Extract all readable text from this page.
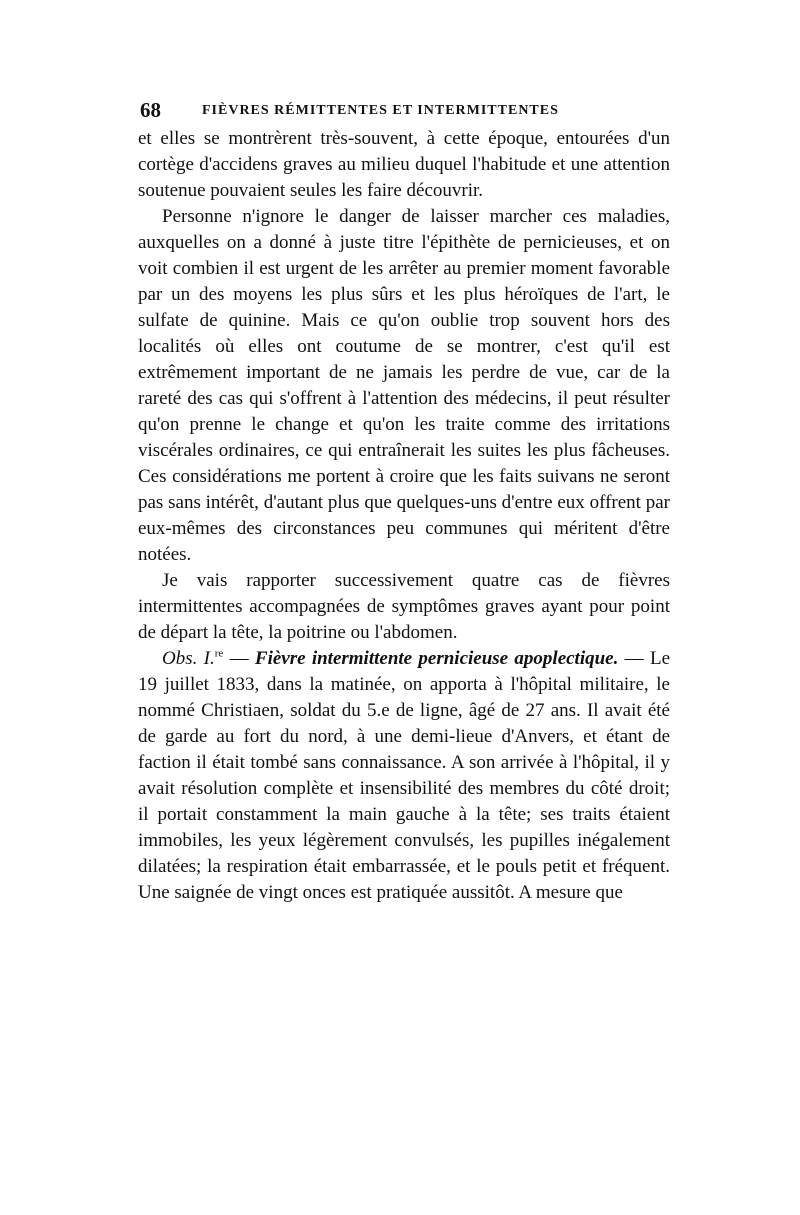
68	FIÈVRES RÉMITTENTES ET INTERMITTENTES

et elles se montrèrent très-souvent, à cette époque, entourées d'un cortège d'accidens graves au milieu duquel l'habitude et une attention soutenue pouvaient seules les faire découvrir.

Personne n'ignore le danger de laisser marcher ces maladies, auxquelles on a donné à juste titre l'épithète de pernicieuses, et on voit combien il est urgent de les arrêter au premier moment favorable par un des moyens les plus sûrs et les plus héroïques de l'art, le sulfate de quinine. Mais ce qu'on oublie trop souvent hors des localités où elles ont coutume de se montrer, c'est qu'il est extrêmement important de ne jamais les perdre de vue, car de la rareté des cas qui s'offrent à l'attention des médecins, il peut résulter qu'on prenne le change et qu'on les traite comme des irritations viscérales ordinaires, ce qui entraînerait les suites les plus fâcheuses. Ces considérations me portent à croire que les faits suivans ne seront pas sans intérêt, d'autant plus que quelques-uns d'entre eux offrent par eux-mêmes des circonstances peu communes qui méritent d'être notées.

Je vais rapporter successivement quatre cas de fièvres intermittentes accompagnées de symptômes graves ayant pour point de départ la tête, la poitrine ou l'abdomen.

Obs. I.$^{re}$ — Fièvre intermittente pernicieuse apoplectique. — Le 19 juillet 1833, dans la matinée, on apporta à l'hôpital militaire, le nommé Christiaen, soldat du 5.e de ligne, âgé de 27 ans. Il avait été de garde au fort du nord, à une demi-lieue d'Anvers, et étant de faction il était tombé sans connaissance. A son arrivée à l'hôpital, il y avait résolution complète et insensibilité des membres du côté droit; il portait constamment la main gauche à la tête; ses traits étaient immobiles, les yeux légèrement convulsés, les pupilles inégalement dilatées; la respiration était embarrassée, et le pouls petit et fréquent. Une saignée de vingt onces est pratiquée aussitôt. A mesure que
